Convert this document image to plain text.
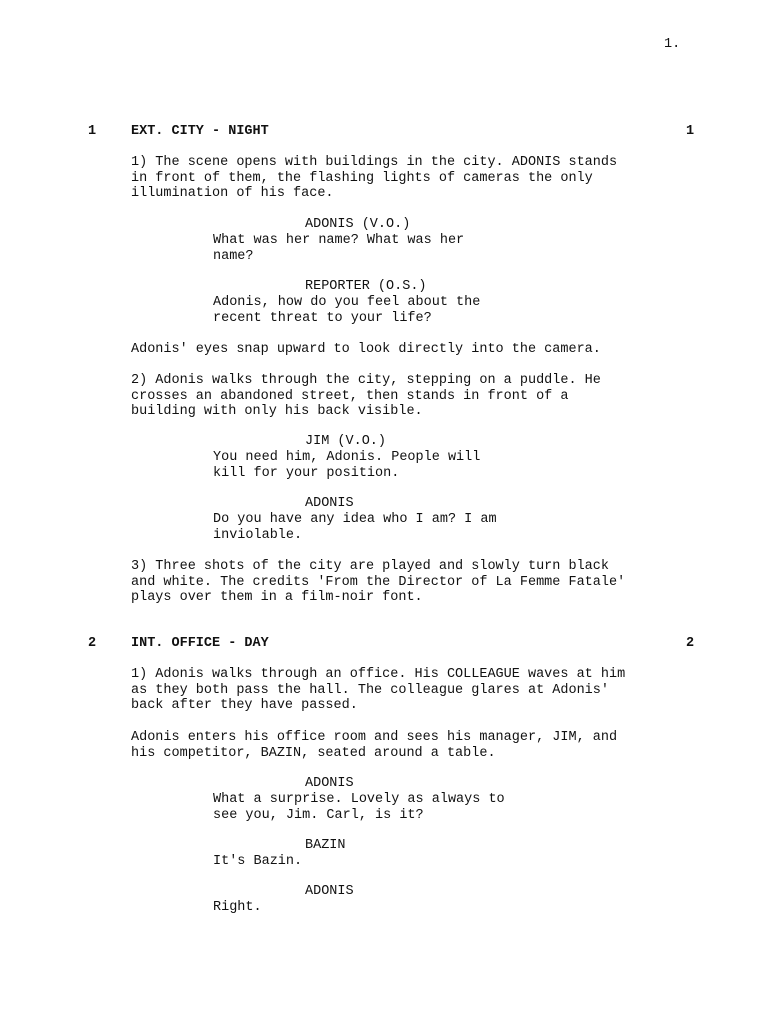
1.
1	EXT. CITY - NIGHT	1
1) The scene opens with buildings in the city. ADONIS stands
in front of them, the flashing lights of cameras the only
illumination of his face.
ADONIS (V.O.)
What was her name? What was her
name?
REPORTER (O.S.)
Adonis, how do you feel about the
recent threat to your life?
Adonis' eyes snap upward to look directly into the camera.
2) Adonis walks through the city, stepping on a puddle. He
crosses an abandoned street, then stands in front of a
building with only his back visible.
JIM (V.O.)
You need him, Adonis. People will
kill for your position.
ADONIS
Do you have any idea who I am? I am
inviolable.
3) Three shots of the city are played and slowly turn black
and white. The credits 'From the Director of La Femme Fatale'
plays over them in a film-noir font.
2	INT. OFFICE - DAY	2
1) Adonis walks through an office. His COLLEAGUE waves at him
as they both pass the hall. The colleague glares at Adonis'
back after they have passed.
Adonis enters his office room and sees his manager, JIM, and
his competitor, BAZIN, seated around a table.
ADONIS
What a surprise. Lovely as always to
see you, Jim. Carl, is it?
BAZIN
It's Bazin.
ADONIS
Right.
